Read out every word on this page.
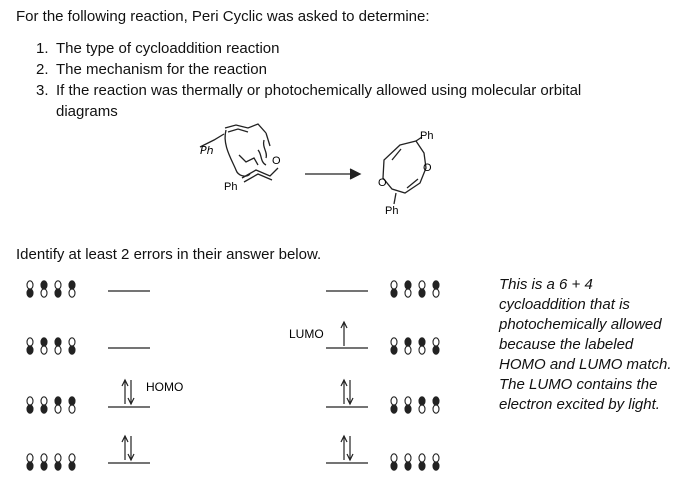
For the following reaction, Peri Cyclic was asked to determine:
1. The type of cycloaddition reaction
2. The mechanism for the reaction
3. If the reaction was thermally or photochemically allowed using molecular orbital diagrams
Ph
Ph
O
Ph
Ph
O
O
Identify at least 2 errors in their answer below.
HOMO
LUMO
This is a 6 + 4 cycloaddition that is photochemically allowed because the labeled HOMO and LUMO match. The LUMO contains the electron excited by light.
